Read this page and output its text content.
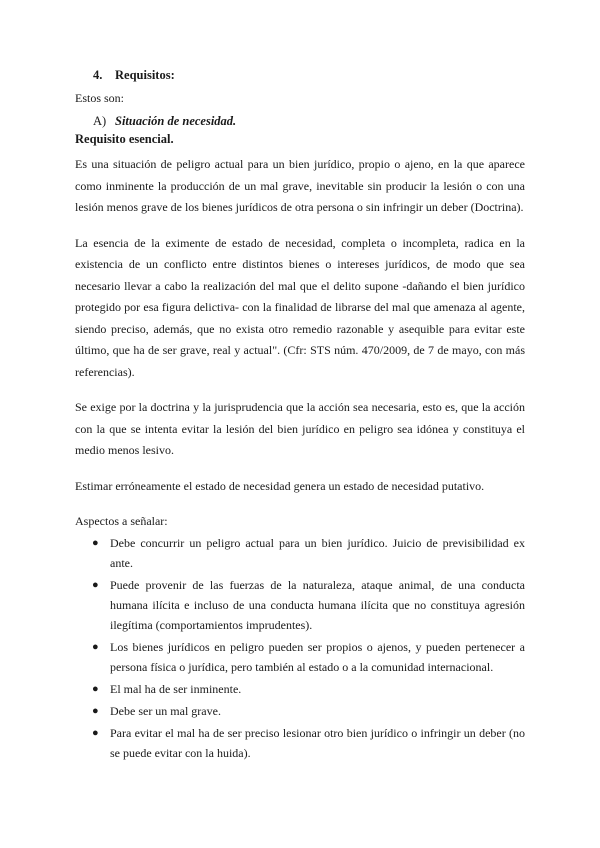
4. Requisitos:
Estos son:
A) Situación de necesidad.
Requisito esencial.

Es una situación de peligro actual para un bien jurídico, propio o ajeno, en la que aparece como inminente la producción de un mal grave, inevitable sin producir la lesión o con una lesión menos grave de los bienes jurídicos de otra persona o sin infringir un deber (Doctrina).

La esencia de la eximente de estado de necesidad, completa o incompleta, radica en la existencia de un conflicto entre distintos bienes o intereses jurídicos, de modo que sea necesario llevar a cabo la realización del mal que el delito supone -dañando el bien jurídico protegido por esa figura delictiva- con la finalidad de librarse del mal que amenaza al agente, siendo preciso, además, que no exista otro remedio razonable y asequible para evitar este último, que ha de ser grave, real y actual". (Cfr: STS núm. 470/2009, de 7 de mayo, con más referencias).

Se exige por la doctrina y la jurisprudencia que la acción sea necesaria, esto es, que la acción con la que se intenta evitar la lesión del bien jurídico en peligro sea idónea y constituya el medio menos lesivo.

Estimar erróneamente el estado de necesidad genera un estado de necesidad putativo.

Aspectos a señalar:
● Debe concurrir un peligro actual para un bien jurídico. Juicio de previsibilidad ex ante.
● Puede provenir de las fuerzas de la naturaleza, ataque animal, de una conducta humana ilícita e incluso de una conducta humana ilícita que no constituya agresión ilegítima (comportamientos imprudentes).
● Los bienes jurídicos en peligro pueden ser propios o ajenos, y pueden pertenecer a persona física o jurídica, pero también al estado o a la comunidad internacional.
● El mal ha de ser inminente.
● Debe ser un mal grave.
● Para evitar el mal ha de ser preciso lesionar otro bien jurídico o infringir un deber (no se puede evitar con la huida).
